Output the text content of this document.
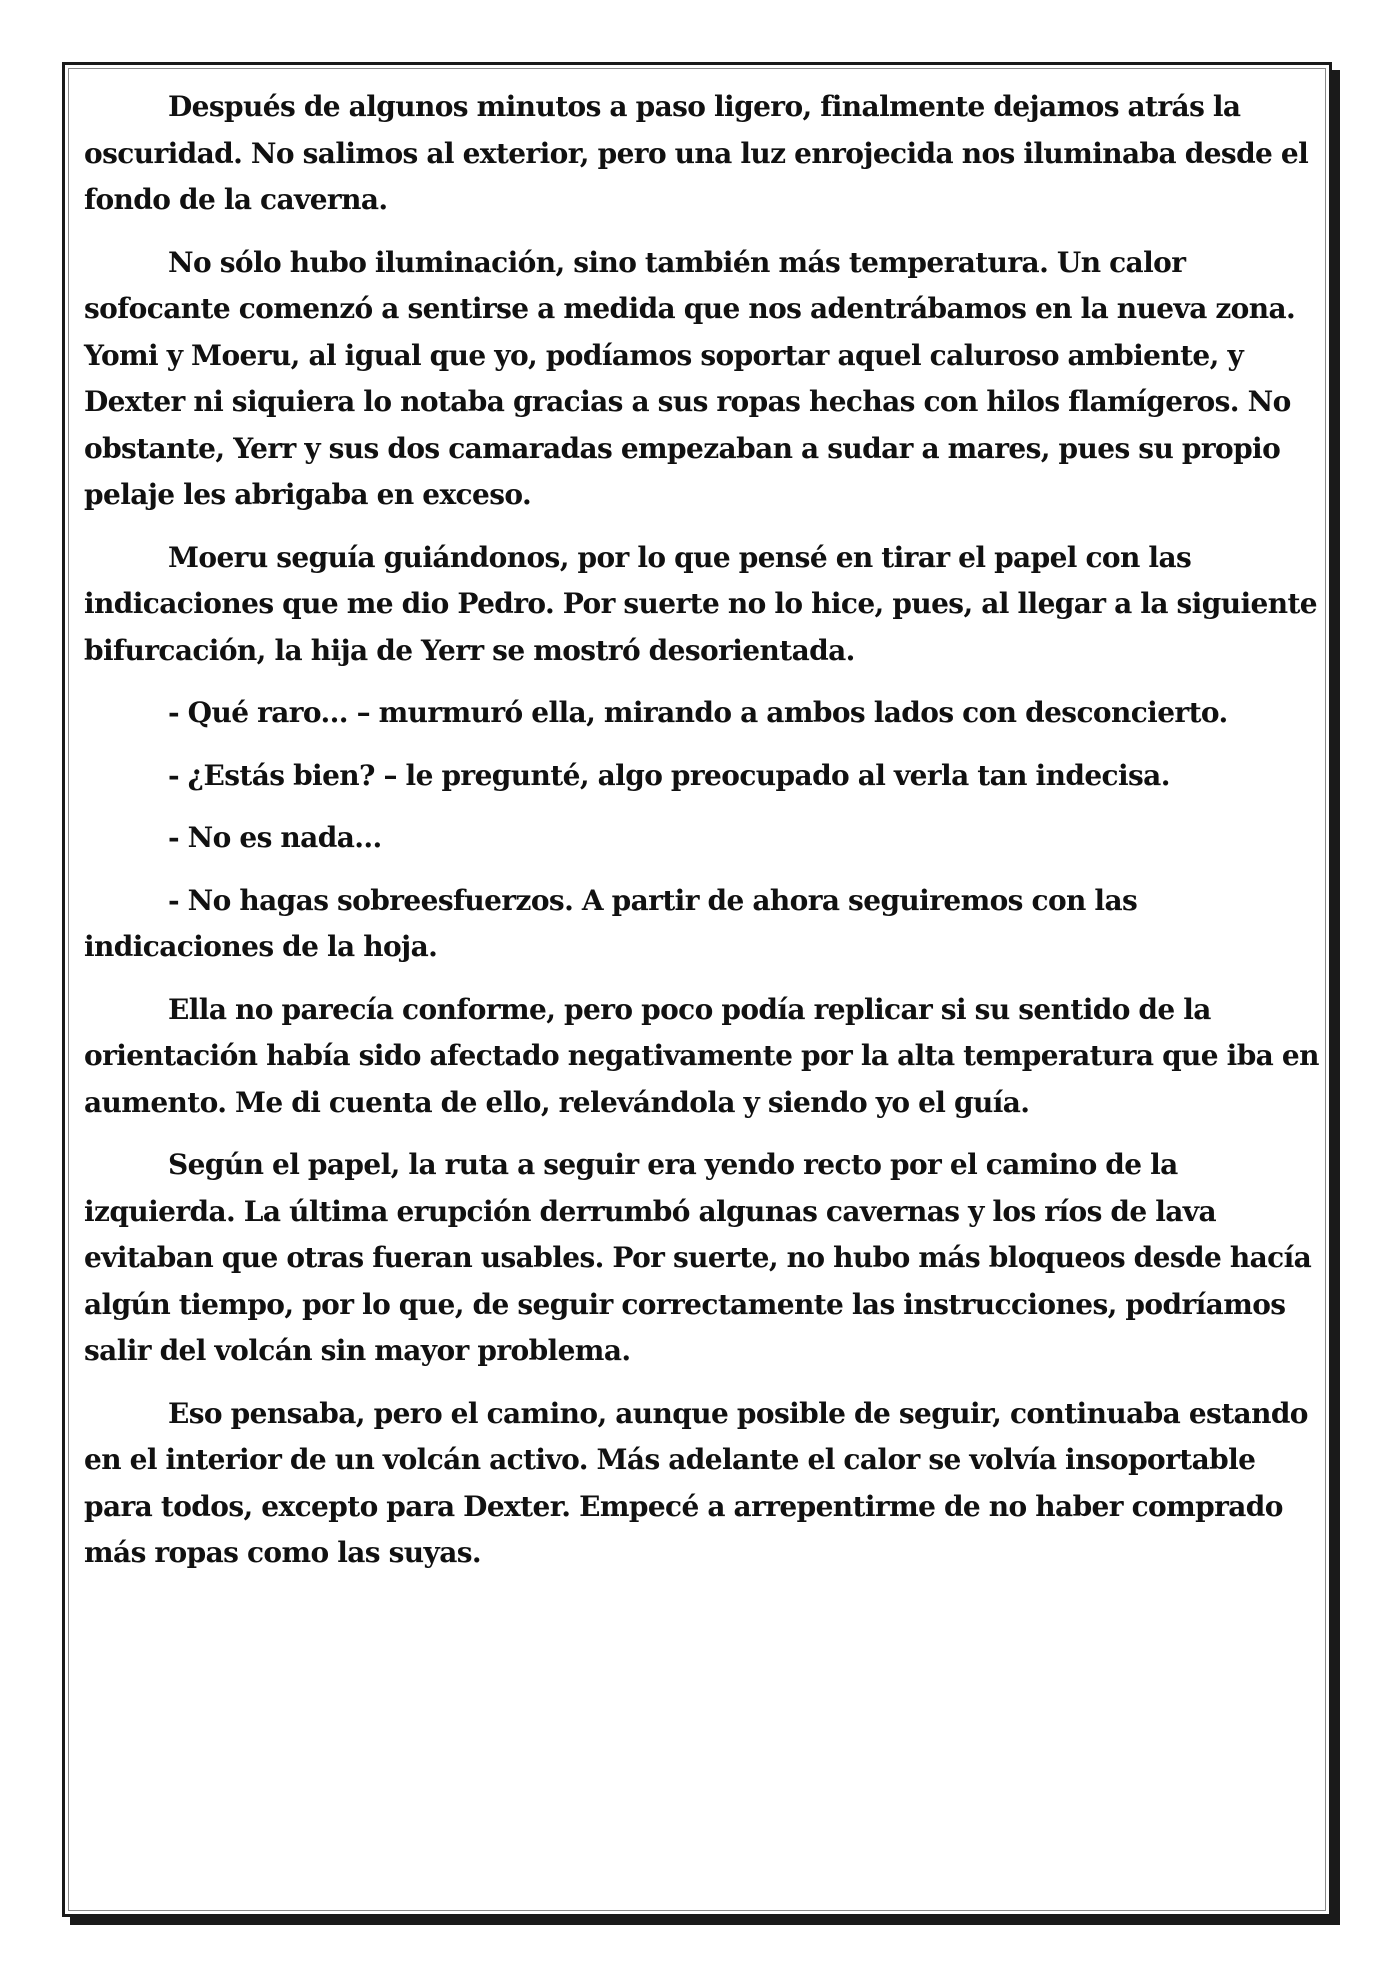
Después de algunos minutos a paso ligero, finalmente dejamos atrás la oscuridad. No salimos al exterior, pero una luz enrojecida nos iluminaba desde el fondo de la caverna.

No sólo hubo iluminación, sino también más temperatura. Un calor sofocante comenzó a sentirse a medida que nos adentrábamos en la nueva zona. Yomi y Moeru, al igual que yo, podíamos soportar aquel caluroso ambiente, y Dexter ni siquiera lo notaba gracias a sus ropas hechas con hilos flamígeros. No obstante, Yerr y sus dos camaradas empezaban a sudar a mares, pues su propio pelaje les abrigaba en exceso.

Moeru seguía guiándonos, por lo que pensé en tirar el papel con las indicaciones que me dio Pedro. Por suerte no lo hice, pues, al llegar a la siguiente bifurcación, la hija de Yerr se mostró desorientada.

- Qué raro... – murmuró ella, mirando a ambos lados con desconcierto.

- ¿Estás bien? – le pregunté, algo preocupado al verla tan indecisa.

- No es nada...

- No hagas sobreesfuerzos. A partir de ahora seguiremos con las indicaciones de la hoja.

Ella no parecía conforme, pero poco podía replicar si su sentido de la orientación había sido afectado negativamente por la alta temperatura que iba en aumento. Me di cuenta de ello, relevándola y siendo yo el guía.

Según el papel, la ruta a seguir era yendo recto por el camino de la izquierda. La última erupción derrumbó algunas cavernas y los ríos de lava evitaban que otras fueran usables. Por suerte, no hubo más bloqueos desde hacía algún tiempo, por lo que, de seguir correctamente las instrucciones, podríamos salir del volcán sin mayor problema.

Eso pensaba, pero el camino, aunque posible de seguir, continuaba estando en el interior de un volcán activo. Más adelante el calor se volvía insoportable para todos, excepto para Dexter. Empecé a arrepentirme de no haber comprado más ropas como las suyas.
